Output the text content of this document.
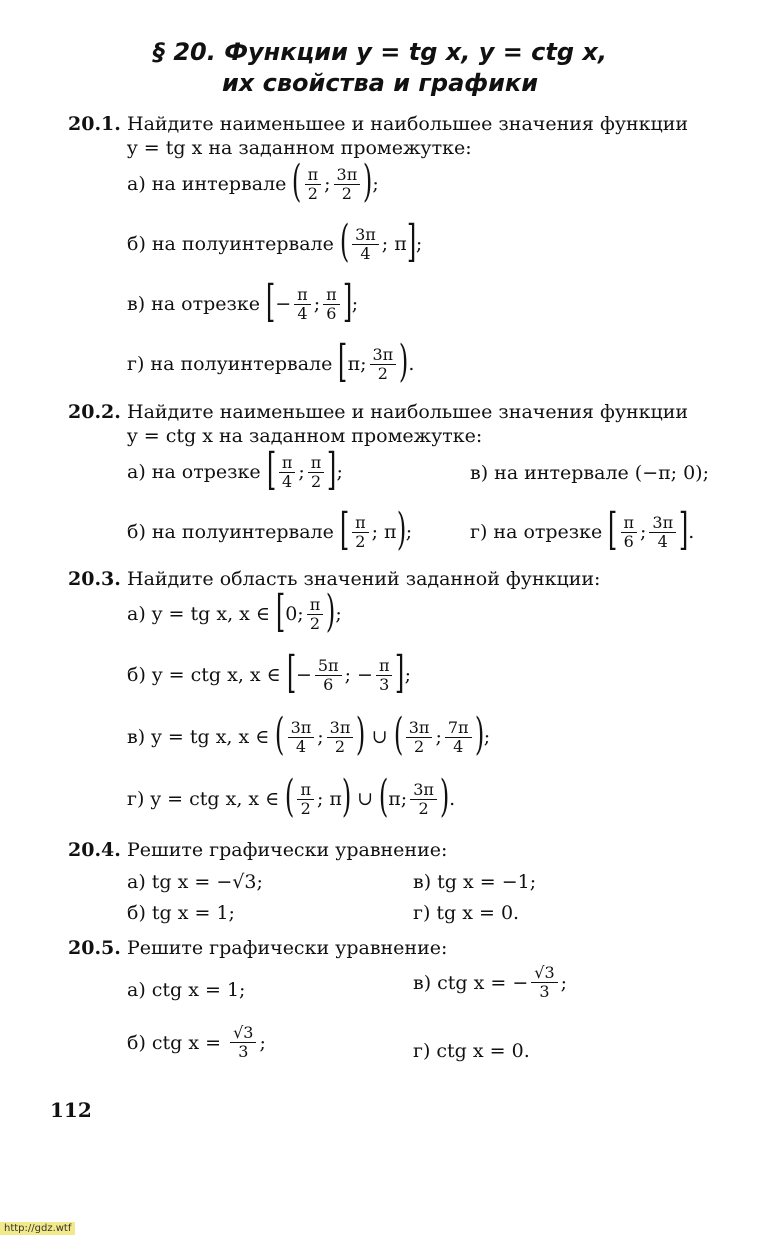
§ 20. Функции y = tg x, y = ctg x,
их свойства и графики
20.1. Найдите наименьшее и наибольшее значения функции
y = tg x на заданном промежутке:
а) на интервале
( π
2 ; 3π
2 ) ;
б) на полуинтервале
( 3π
4 ;
π ] ;
в) на отрезке
[ − $\frac{\pi}{4}$ ; π
6 ] ;
г) на полуинтервале
[ π ; 3π
2 ) .
20.2. Найдите наименьшее и наибольшее значения функции
y = ctg x на заданном промежутке:
а) на отрезке
[ π
4 ; π
2 ] ;	в) на интервале (−π; 0);
б) на полуинтервале
[ π
2 ;
π ) ;	г) на отрезке
[ π
6 ; 3π
4 ] .
20.3. Найдите область значений заданной функции:
а) y = tg x, x ∈
[ 0 ; π
2 ) ;
б) y = ctg x, x ∈
[ − $\frac{5\pi}{6}$ ;
− $\frac{\pi}{3}$ ] ;
в) y = tg x, x ∈
( 3π
4 ; 3π
2 )
∪
( 3π
2 ; 7π
4 ) ;
г) y = ctg x, x ∈
( π
2 ;
π )
∪
( π ; 3π
2 ) .
20.4. Решите графически уравнение:
а) tg x = −√3;	в) tg x = −1;
б) tg x = 1;	г) tg x = 0.
20.5. Решите графически уравнение:
а) ctg x = 1;	в) ctg x = − $\frac{√3}{3}$ ;
б) ctg x =
$\frac{√3}{3}$ ;	г) ctg x = 0.
112
http://gdz.wtf
